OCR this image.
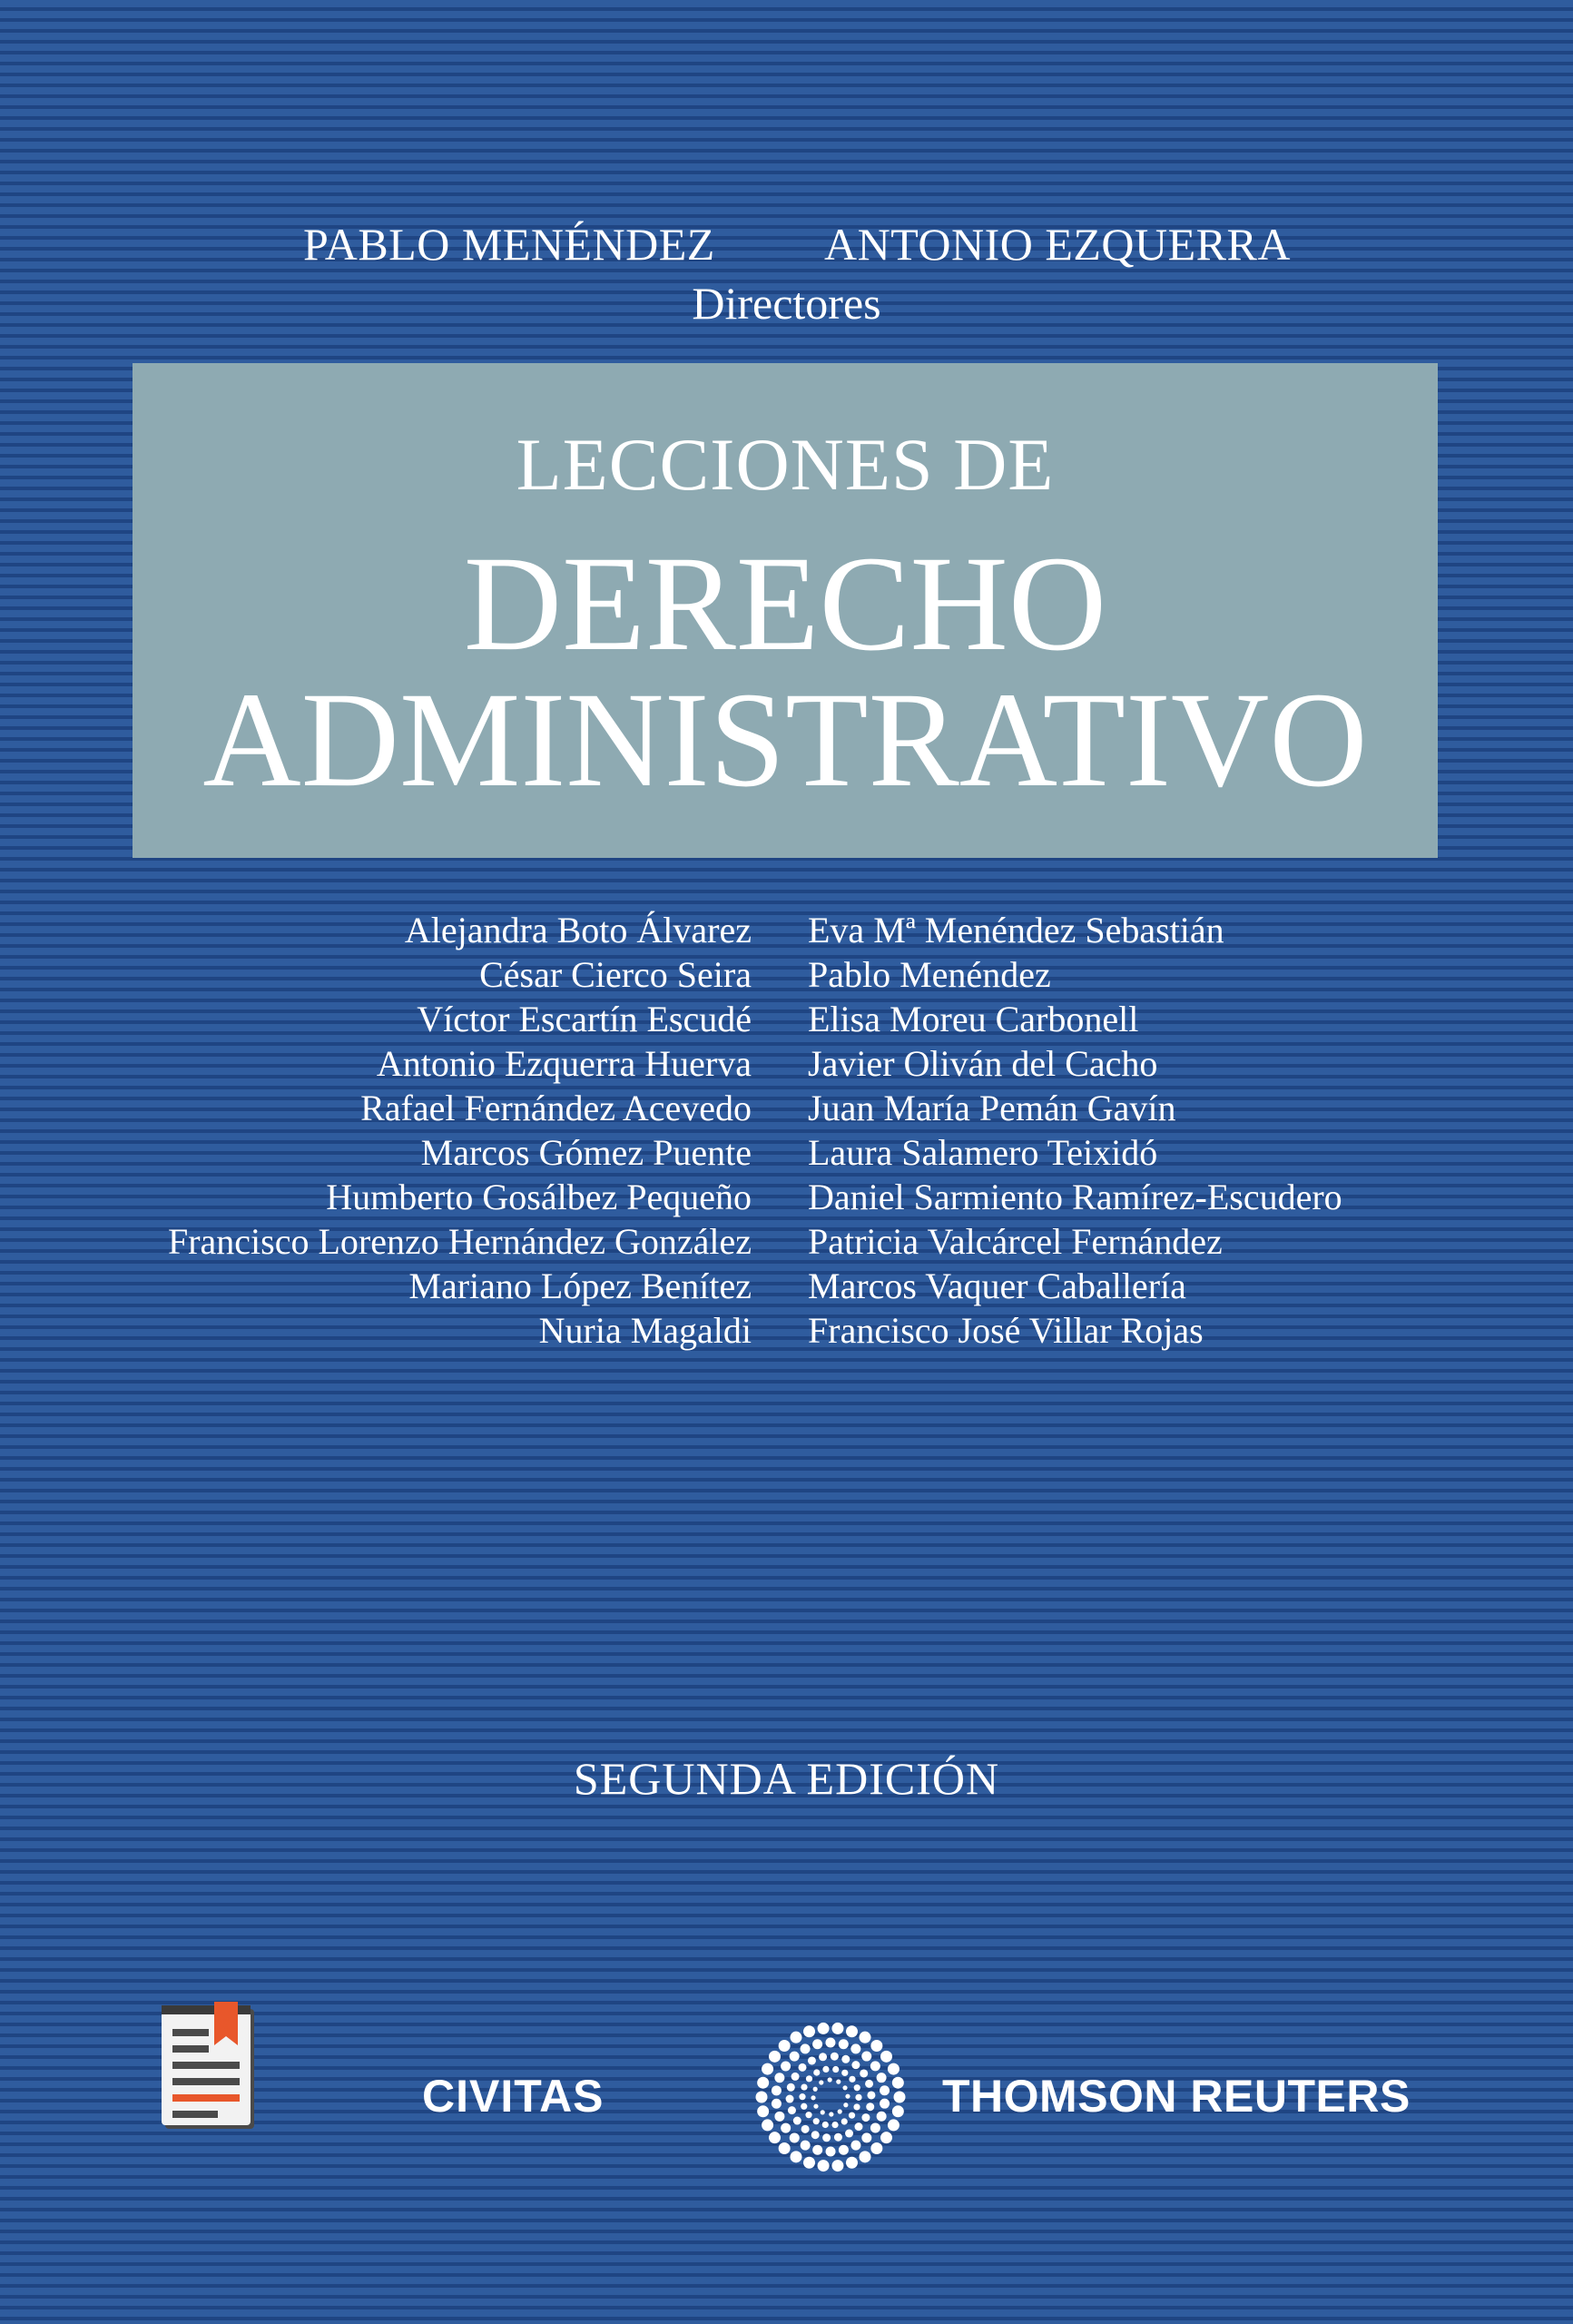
PABLO MENÉNDEZ ANTONIO EZQUERRA
Directores
LECCIONES DE
DERECHO
ADMINISTRATIVO
Alejandra Boto Álvarez
César Cierco Seira
Víctor Escartín Escudé
Antonio Ezquerra Huerva
Rafael Fernández Acevedo
Marcos Gómez Puente
Humberto Gosálbez Pequeño
Francisco Lorenzo Hernández González
Mariano López Benítez
Nuria Magaldi
Eva Mª Menéndez Sebastián
Pablo Menéndez
Elisa Moreu Carbonell
Javier Oliván del Cacho
Juan María Pemán Gavín
Laura Salamero Teixidó
Daniel Sarmiento Ramírez-Escudero
Patricia Valcárcel Fernández
Marcos Vaquer Caballería
Francisco José Villar Rojas
SEGUNDA EDICIÓN
CIVITAS	THOMSON REUTERS
